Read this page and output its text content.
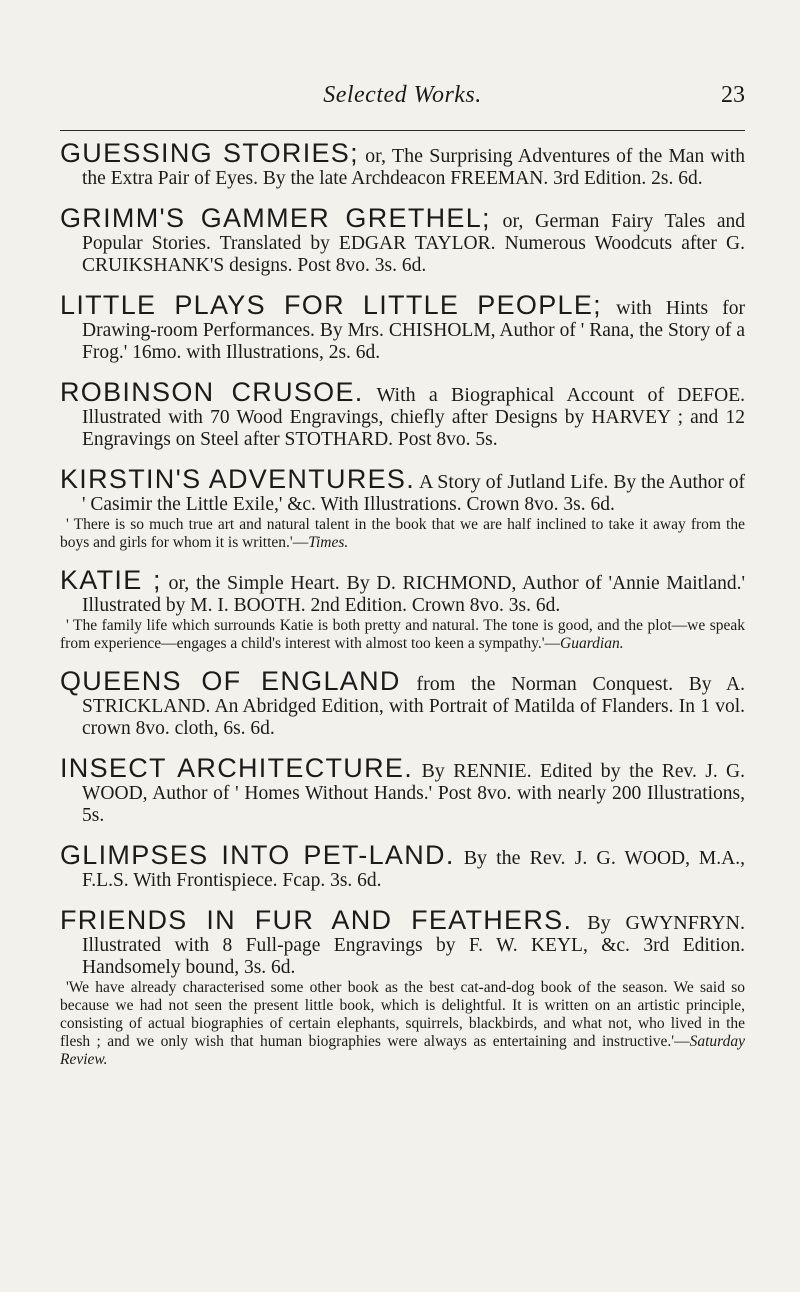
Selected Works.	23

GUESSING STORIES; or, The Surprising Adventures of the Man with the Extra Pair of Eyes. By the late Archdeacon FREEMAN. 3rd Edition. 2s. 6d.

GRIMM'S GAMMER GRETHEL; or, German Fairy Tales and Popular Stories. Translated by EDGAR TAYLOR. Numerous Woodcuts after G. CRUIKSHANK'S designs. Post 8vo. 3s. 6d.

LITTLE PLAYS FOR LITTLE PEOPLE; with Hints for Drawing-room Performances. By Mrs. CHISHOLM, Author of ' Rana, the Story of a Frog.' 16mo. with Illustrations, 2s. 6d.

ROBINSON CRUSOE. With a Biographical Account of DEFOE. Illustrated with 70 Wood Engravings, chiefly after Designs by HARVEY ; and 12 Engravings on Steel after STOTHARD. Post 8vo. 5s.

KIRSTIN'S ADVENTURES. A Story of Jutland Life. By the Author of ' Casimir the Little Exile,' &c. With Illustrations. Crown 8vo. 3s. 6d.

' There is so much true art and natural talent in the book that we are half inclined to take it away from the boys and girls for whom it is written.'—Times.

KATIE ; or, the Simple Heart. By D. RICHMOND, Author of 'Annie Maitland.' Illustrated by M. I. BOOTH. 2nd Edition. Crown 8vo. 3s. 6d.

' The family life which surrounds Katie is both pretty and natural. The tone is good, and the plot—we speak from experience—engages a child's interest with almost too keen a sympathy.'—Guardian.

QUEENS OF ENGLAND from the Norman Conquest. By A. STRICKLAND. An Abridged Edition, with Portrait of Matilda of Flanders. In 1 vol. crown 8vo. cloth, 6s. 6d.

INSECT ARCHITECTURE. By RENNIE. Edited by the Rev. J. G. WOOD, Author of ' Homes Without Hands.' Post 8vo. with nearly 200 Illustrations, 5s.

GLIMPSES INTO PET-LAND. By the Rev. J. G. WOOD, M.A., F.L.S. With Frontispiece. Fcap. 3s. 6d.

FRIENDS IN FUR AND FEATHERS. By GWYNFRYN. Illustrated with 8 Full-page Engravings by F. W. KEYL, &c. 3rd Edition. Handsomely bound, 3s. 6d.

'We have already characterised some other book as the best cat-and-dog book of the season. We said so because we had not seen the present little book, which is delightful. It is written on an artistic principle, consisting of actual biographies of certain elephants, squirrels, blackbirds, and what not, who lived in the flesh ; and we only wish that human biographies were always as entertaining and instructive.'—Saturday Review.
